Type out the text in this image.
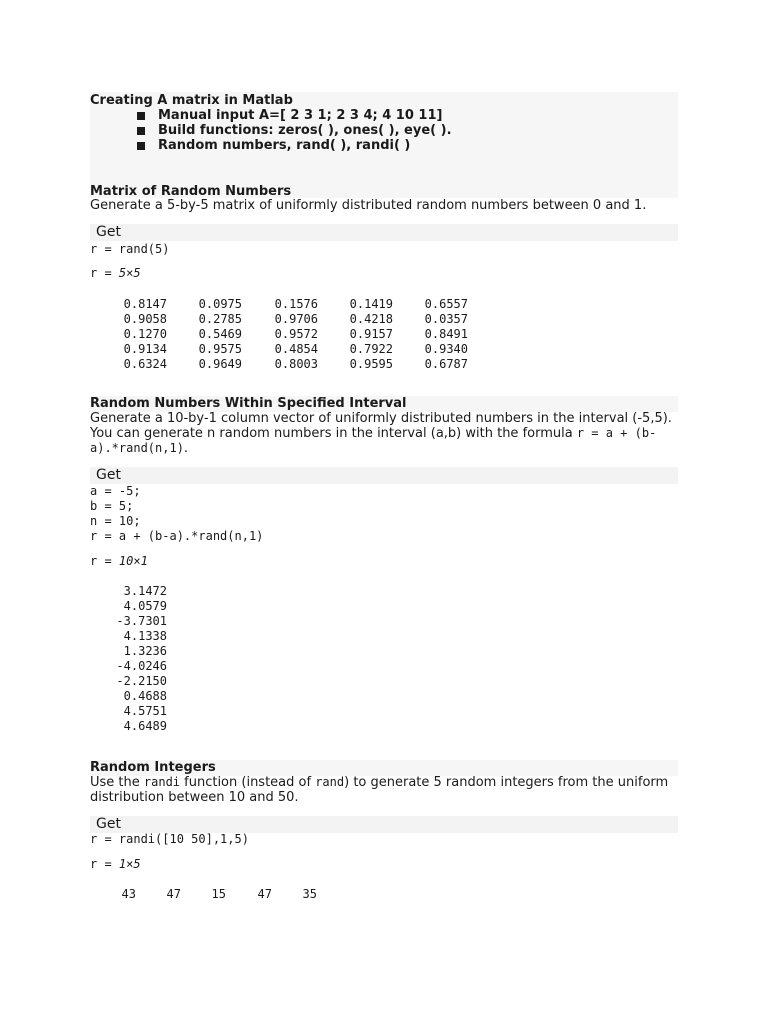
Creating A matrix in Matlab
Manual input A=[ 2 3 1; 2 3 4; 4 10 11]
Build functions: zeros( ), ones( ), eye( ).
Random numbers, rand( ), randi( )
Matrix of Random Numbers
Generate a 5-by-5 matrix of uniformly distributed random numbers between 0 and 1.
Get
r = rand(5)
r = 5×5
0.8147	0.0975	0.1576	0.1419	0.6557
0.9058	0.2785	0.9706	0.4218	0.0357
0.1270	0.5469	0.9572	0.9157	0.8491
0.9134	0.9575	0.4854	0.7922	0.9340
0.6324	0.9649	0.8003	0.9595	0.6787
Random Numbers Within Specified Interval
Generate a 10-by-1 column vector of uniformly distributed numbers in the interval (-5,5).
You can generate n random numbers in the interval (a,b) with the formula r = a + (b-
a).*rand(n,1).
Get
a = -5;
b = 5;
n = 10;
r = a + (b-a).*rand(n,1)
r = 10×1
3.1472
4.0579
-3.7301
4.1338
1.3236
-4.0246
-2.2150
0.4688
4.5751
4.6489
Random Integers
Use the randi function (instead of rand) to generate 5 random integers from the uniform
distribution between 10 and 50.
Get
r = randi([10 50],1,5)
r = 1×5
43	47	15	47	35
